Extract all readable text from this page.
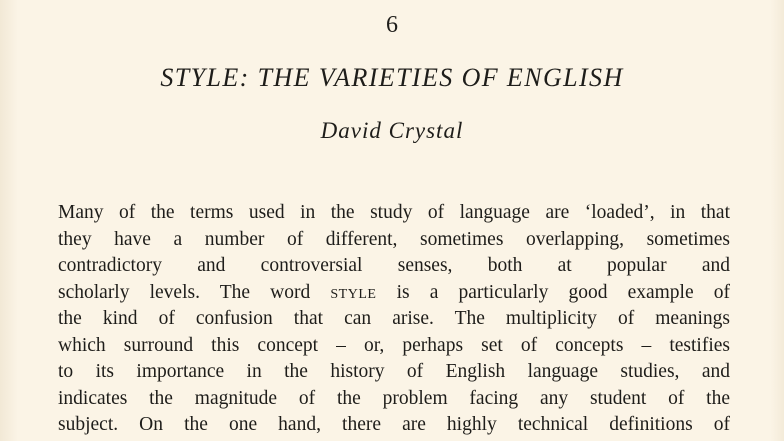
6
STYLE: THE VARIETIES OF ENGLISH
David Crystal
Many of the terms used in the study of language are ‘loaded’, in that
they have a number of different, sometimes overlapping, sometimes
contradictory and controversial senses, both at popular and
scholarly levels. The word style is a particularly good example of
the kind of confusion that can arise. The multiplicity of meanings
which surround this concept – or, perhaps set of concepts – testifies
to its importance in the history of English language studies, and
indicates the magnitude of the problem facing any student of the
subject. On the one hand, there are highly technical definitions of
